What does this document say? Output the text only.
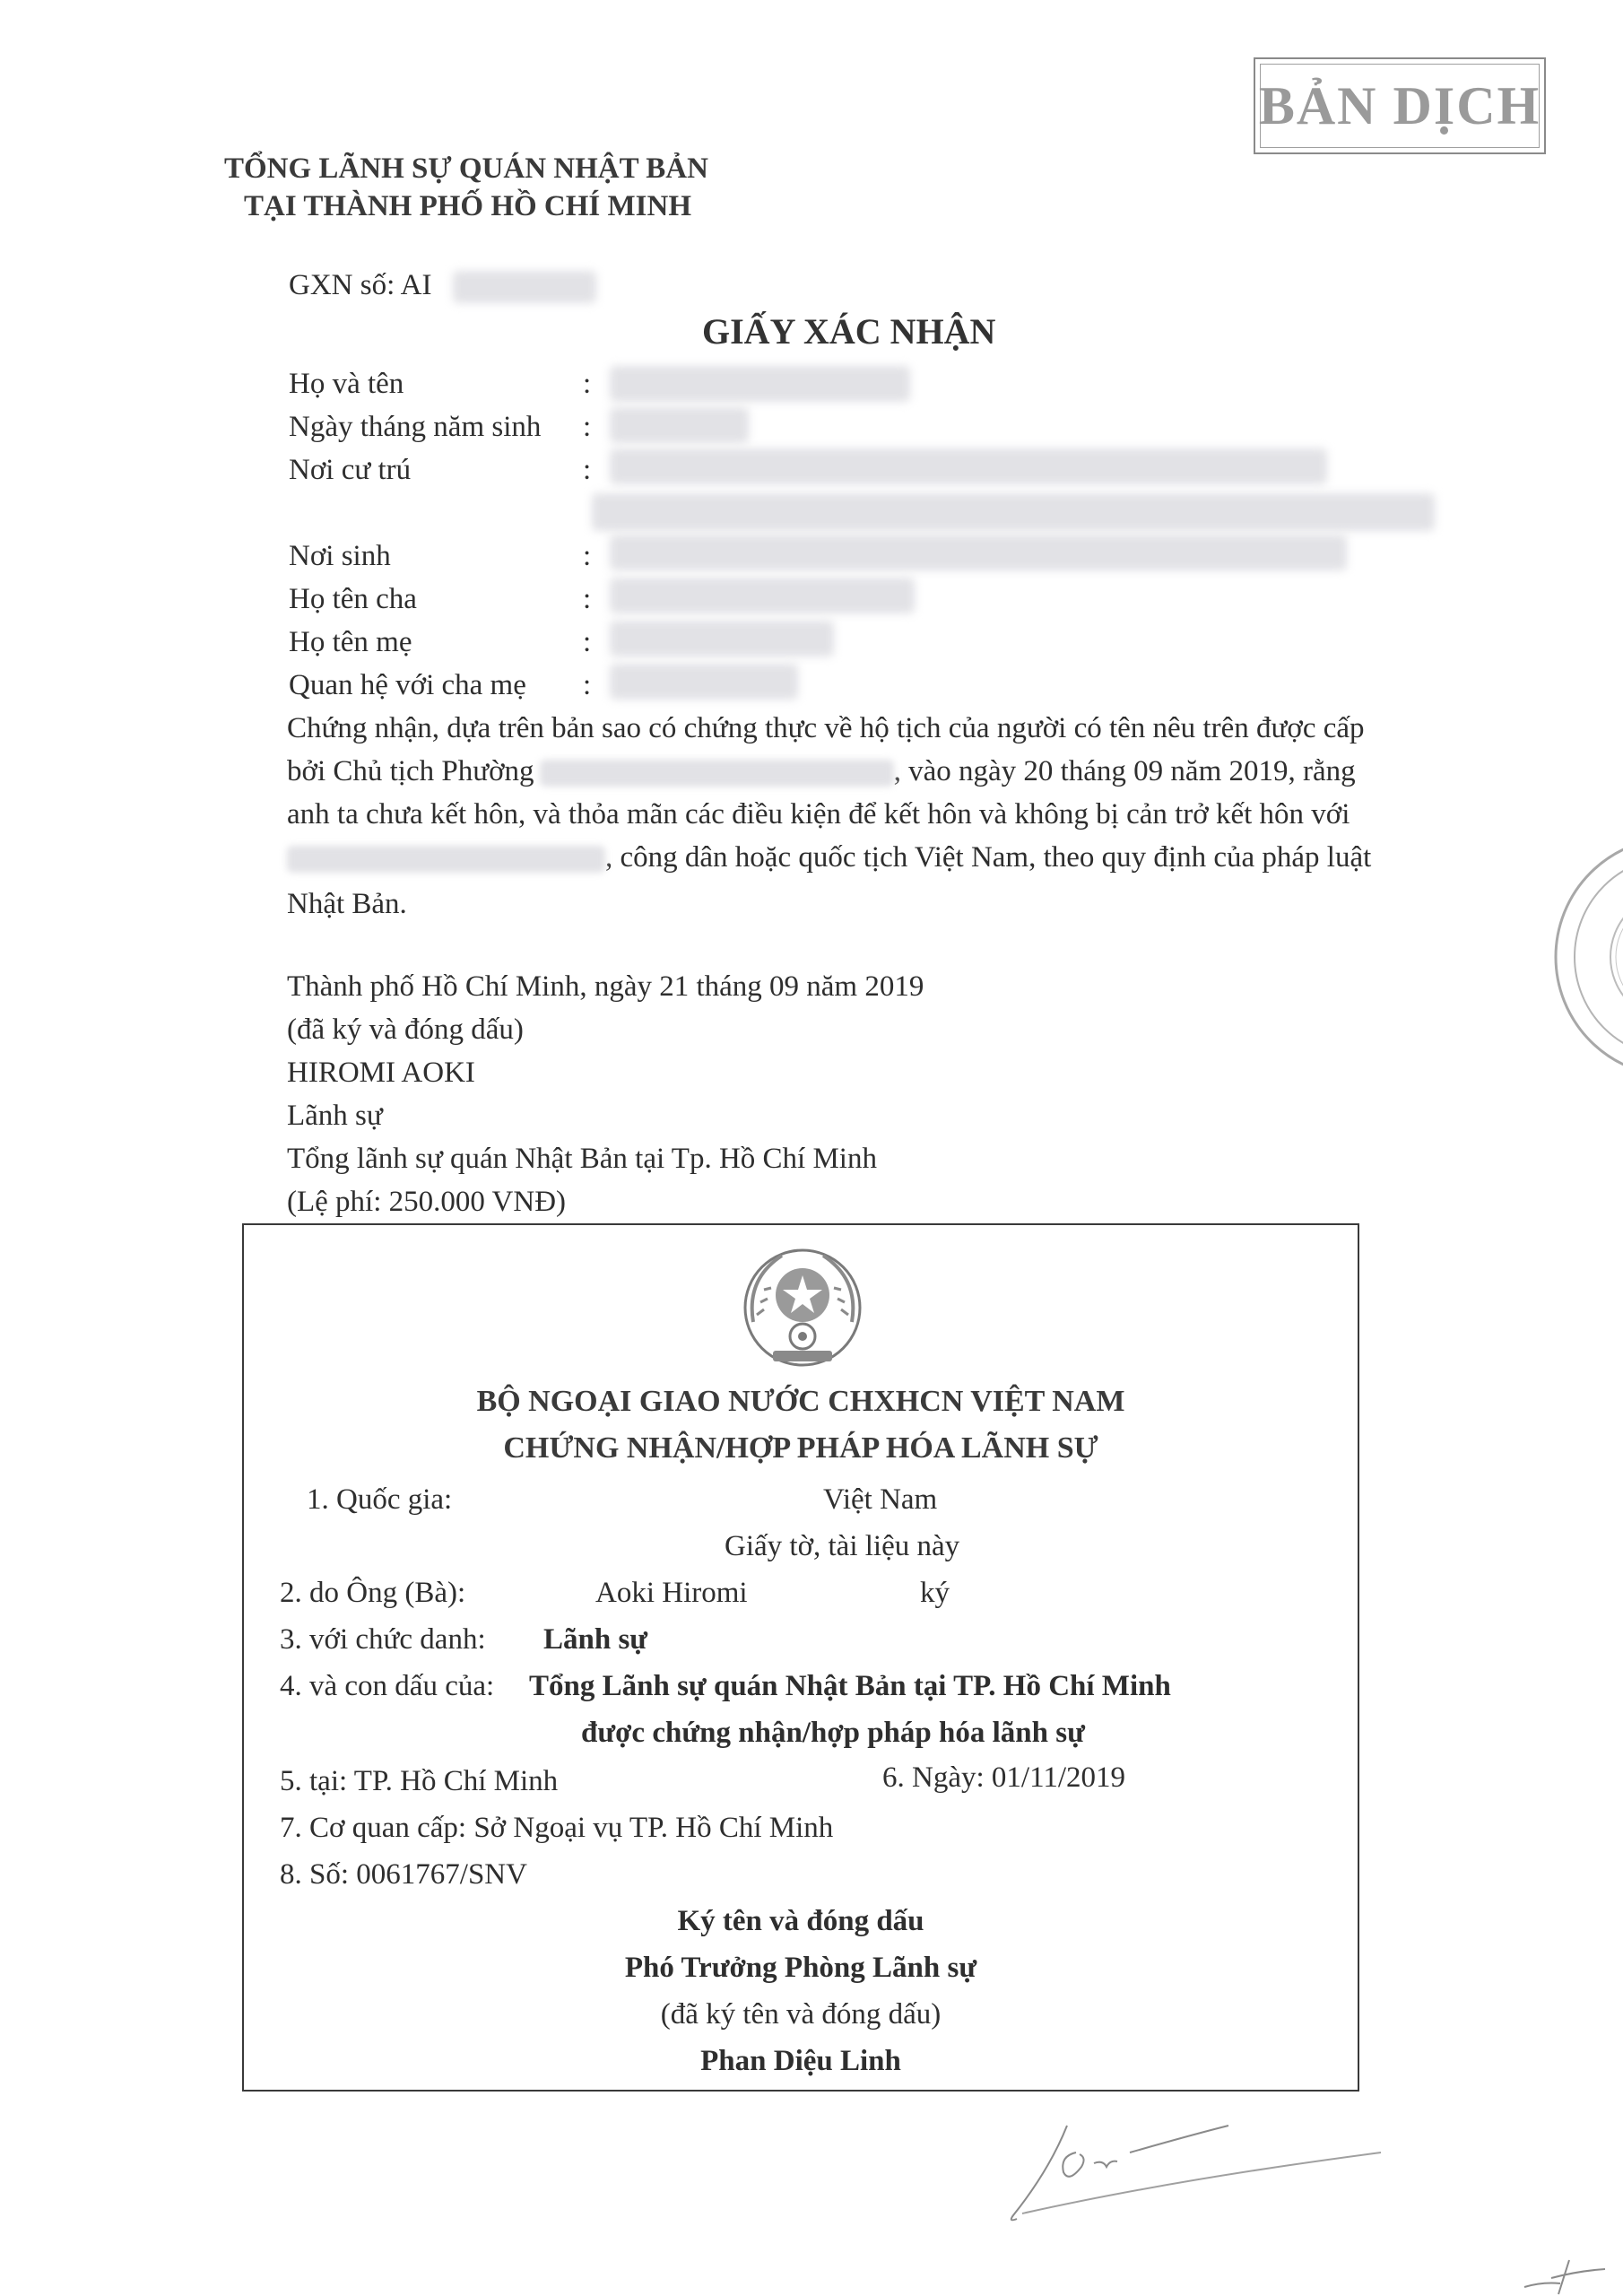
BẢN DỊCH
TỔNG LÃNH SỰ QUÁN NHẬT BẢN
TẠI THÀNH PHỐ HỒ CHÍ MINH
GXN số: AI
GIẤY XÁC NHẬN
Họ và tên	:
Ngày tháng năm sinh :
Nơi cư trú	:
Nơi sinh	:
Họ tên cha	:
Họ tên mẹ	:
Quan hệ với cha mẹ :
Chứng nhận, dựa trên bản sao có chứng thực về hộ tịch của người có tên nêu trên được cấp
bởi Chủ tịch Phường	, vào ngày 20 tháng 09 năm 2019, rằng
anh ta chưa kết hôn, và thỏa mãn các điều kiện để kết hôn và không bị cản trở kết hôn với
, công dân hoặc quốc tịch Việt Nam, theo quy định của pháp luật
Nhật Bản.
Thành phố Hồ Chí Minh, ngày 21 tháng 09 năm 2019
(đã ký và đóng dấu)
HIROMI AOKI
Lãnh sự
Tổng lãnh sự quán Nhật Bản tại Tp. Hồ Chí Minh
(Lệ phí: 250.000 VNĐ)
BỘ NGOẠI GIAO NƯỚC CHXHCN VIỆT NAM
CHỨNG NHẬN/HỢP PHÁP HÓA LÃNH SỰ
1. Quốc gia:	Việt Nam
Giấy tờ, tài liệu này
2. do Ông (Bà):	Aoki Hiromi	ký
3. với chức danh: Lãnh sự
4. và con dấu của: Tổng Lãnh sự quán Nhật Bản tại TP. Hồ Chí Minh
được chứng nhận/hợp pháp hóa lãnh sự
5. tại: TP. Hồ Chí Minh	6. Ngày: 01/11/2019
7. Cơ quan cấp: Sở Ngoại vụ TP. Hồ Chí Minh
8. Số: 0061767/SNV
Ký tên và đóng dấu
Phó Trưởng Phòng Lãnh sự
(đã ký tên và đóng dấu)
Phan Diệu Linh
